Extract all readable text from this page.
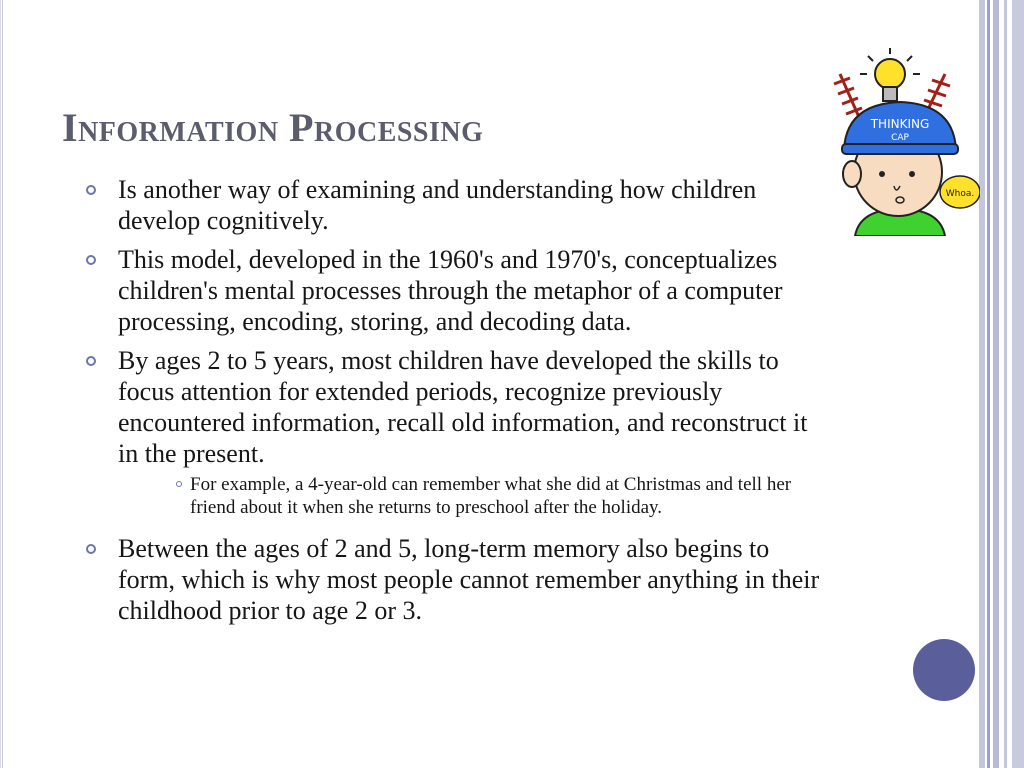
Information Processing
Is another way of examining and understanding how children develop cognitively.
This model, developed in the 1960's and 1970's, conceptualizes children's mental processes through the metaphor of a computer processing, encoding, storing, and decoding data.
By ages 2 to 5 years, most children have developed the skills to focus attention for extended periods, recognize previously encountered information, recall old information, and reconstruct it in the present.
For example, a 4-year-old can remember what she did at Christmas and tell her friend about it when she returns to preschool after the holiday.
Between the ages of 2 and 5, long-term memory also begins to form, which is why most people cannot remember anything in their childhood prior to age 2 or 3.
THINKING
CAP
Whoa.
